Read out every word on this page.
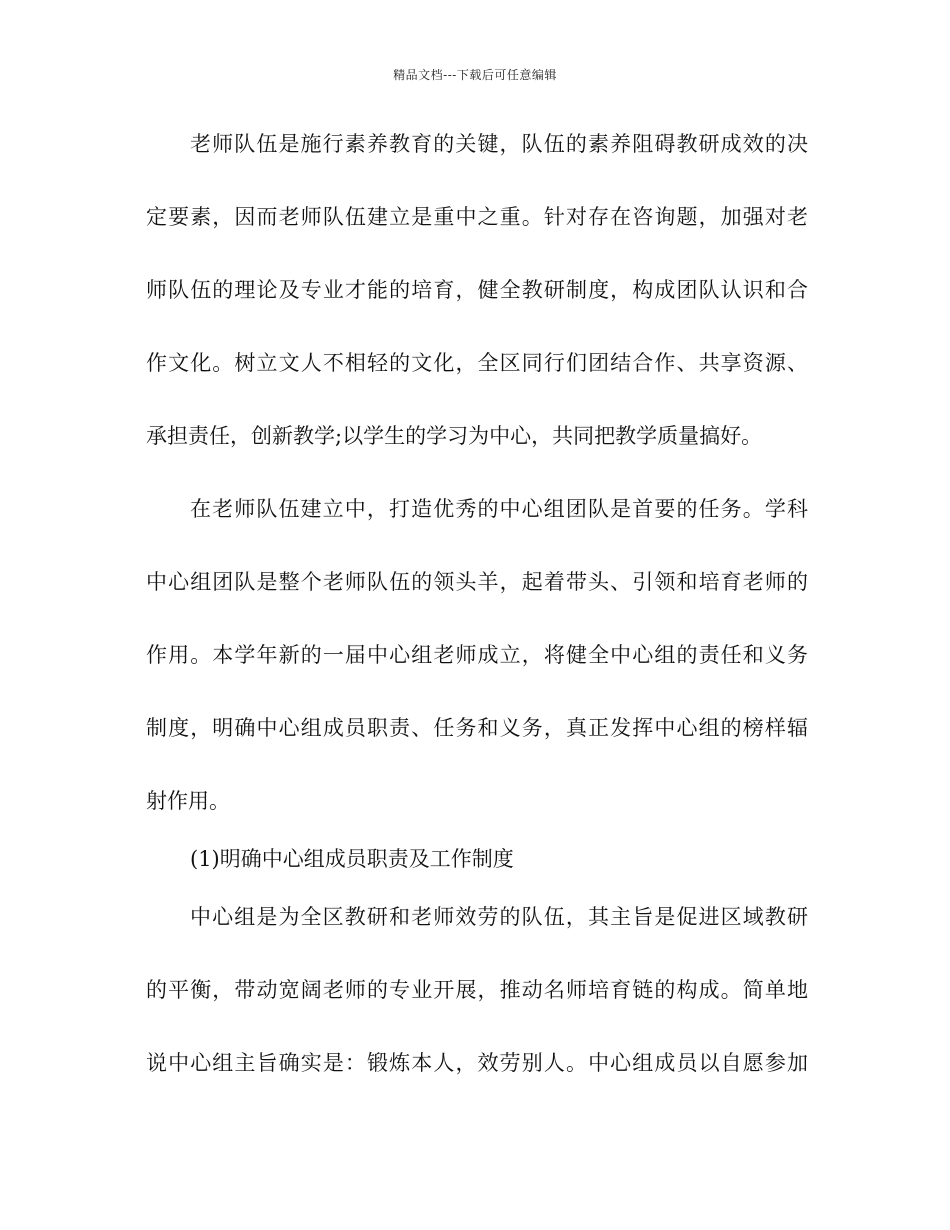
精品文档---下载后可任意编辑
老师队伍是施行素养教育的关键，队伍的素养阻碍教研成效的决
定要素，因而老师队伍建立是重中之重。针对存在咨询题，加强对老
师队伍的理论及专业才能的培育，健全教研制度，构成团队认识和合
作文化。树立文人不相轻的文化，全区同行们团结合作、共享资源、
承担责任，创新教学;以学生的学习为中心，共同把教学质量搞好。
在老师队伍建立中，打造优秀的中心组团队是首要的任务。学科
中心组团队是整个老师队伍的领头羊，起着带头、引领和培育老师的
作用。本学年新的一届中心组老师成立，将健全中心组的责任和义务
制度，明确中心组成员职责、任务和义务，真正发挥中心组的榜样辐
射作用。
(1)明确中心组成员职责及工作制度
中心组是为全区教研和老师效劳的队伍，其主旨是促进区域教研
的平衡，带动宽阔老师的专业开展，推动名师培育链的构成。简单地
说中心组主旨确实是：锻炼本人，效劳别人。中心组成员以自愿参加
